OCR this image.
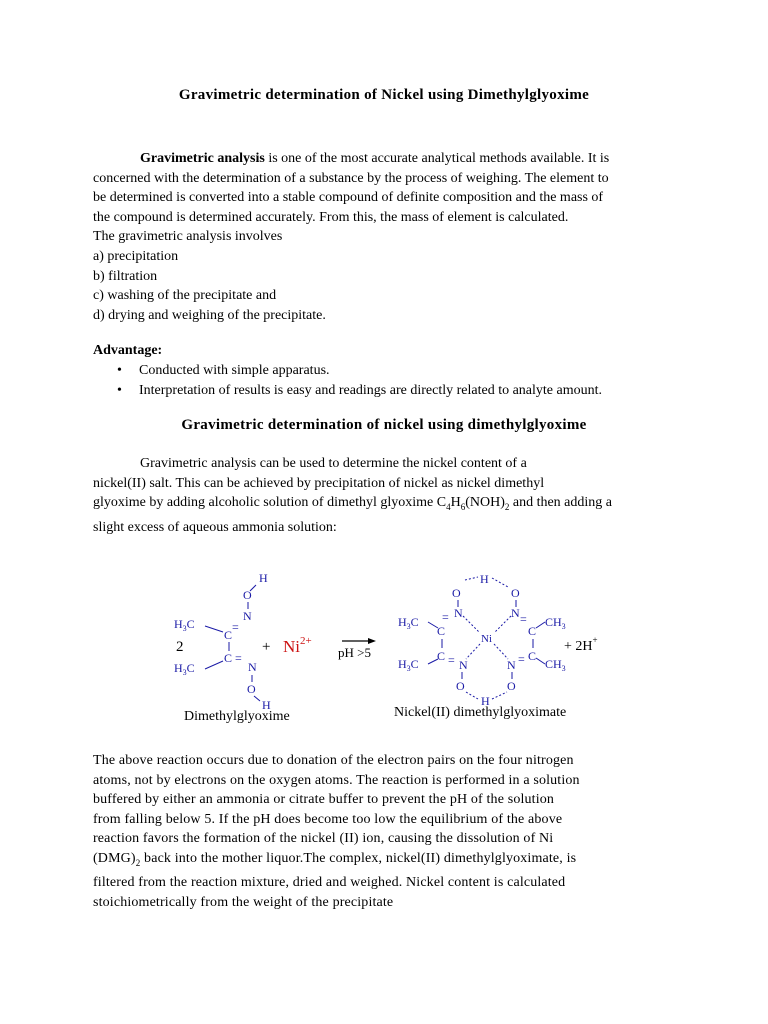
Gravimetric determination of Nickel using Dimethylglyoxime
Gravimetric analysis is one of the most accurate analytical methods available. It is
concerned with the determination of a substance by the process of weighing. The element to
be determined is converted into a stable compound of definite composition and the mass of
the compound is determined accurately. From this, the mass of element is calculated.
The gravimetric analysis involves
a) precipitation
b) filtration
c) washing of the precipitate and
d) drying and weighing of the precipitate.
Advantage:
• Conducted with simple apparatus.
• Interpretation of results is easy and readings are directly related to analyte amount.
Gravimetric determination of nickel using dimethylglyoxime
Gravimetric analysis can be used to determine the nickel content of a
nickel(II) salt. This can be achieved by precipitation of nickel as nickel dimethyl
glyoxime by adding alcoholic solution of dimethyl glyoxime $C_4H_6(NOH)_2$ and then adding a
slight excess of aqueous ammonia solution:
H
O
N
=
$H_3C$
C
C
$H_3C$
=
N
O
H
2	+ $Ni^{2+}$
pH >5
H
O	O
N	N
$H_3C$ =
C
C
$H_3C = N$
C
= $CH_3$
C
=
N $CH_3$
Ni
O	O
H
+ 2H+
Dimethylglyoxime	Nickel(II) dimethylglyoximate
The above reaction occurs due to donation of the electron pairs on the four nitrogen
atoms, not by electrons on the oxygen atoms. The reaction is performed in a solution
buffered by either an ammonia or citrate buffer to prevent the pH of the solution
from falling below 5. If the pH does become too low the equilibrium of the above
reaction favors the formation of the nickel (II) ion, causing the dissolution of Ni
$(DMG)_2$ back into the mother liquor.The complex, nickel(II) dimethylglyoximate, is
filtered from the reaction mixture, dried and weighed. Nickel content is calculated
stoichiometrically from the weight of the precipitate
